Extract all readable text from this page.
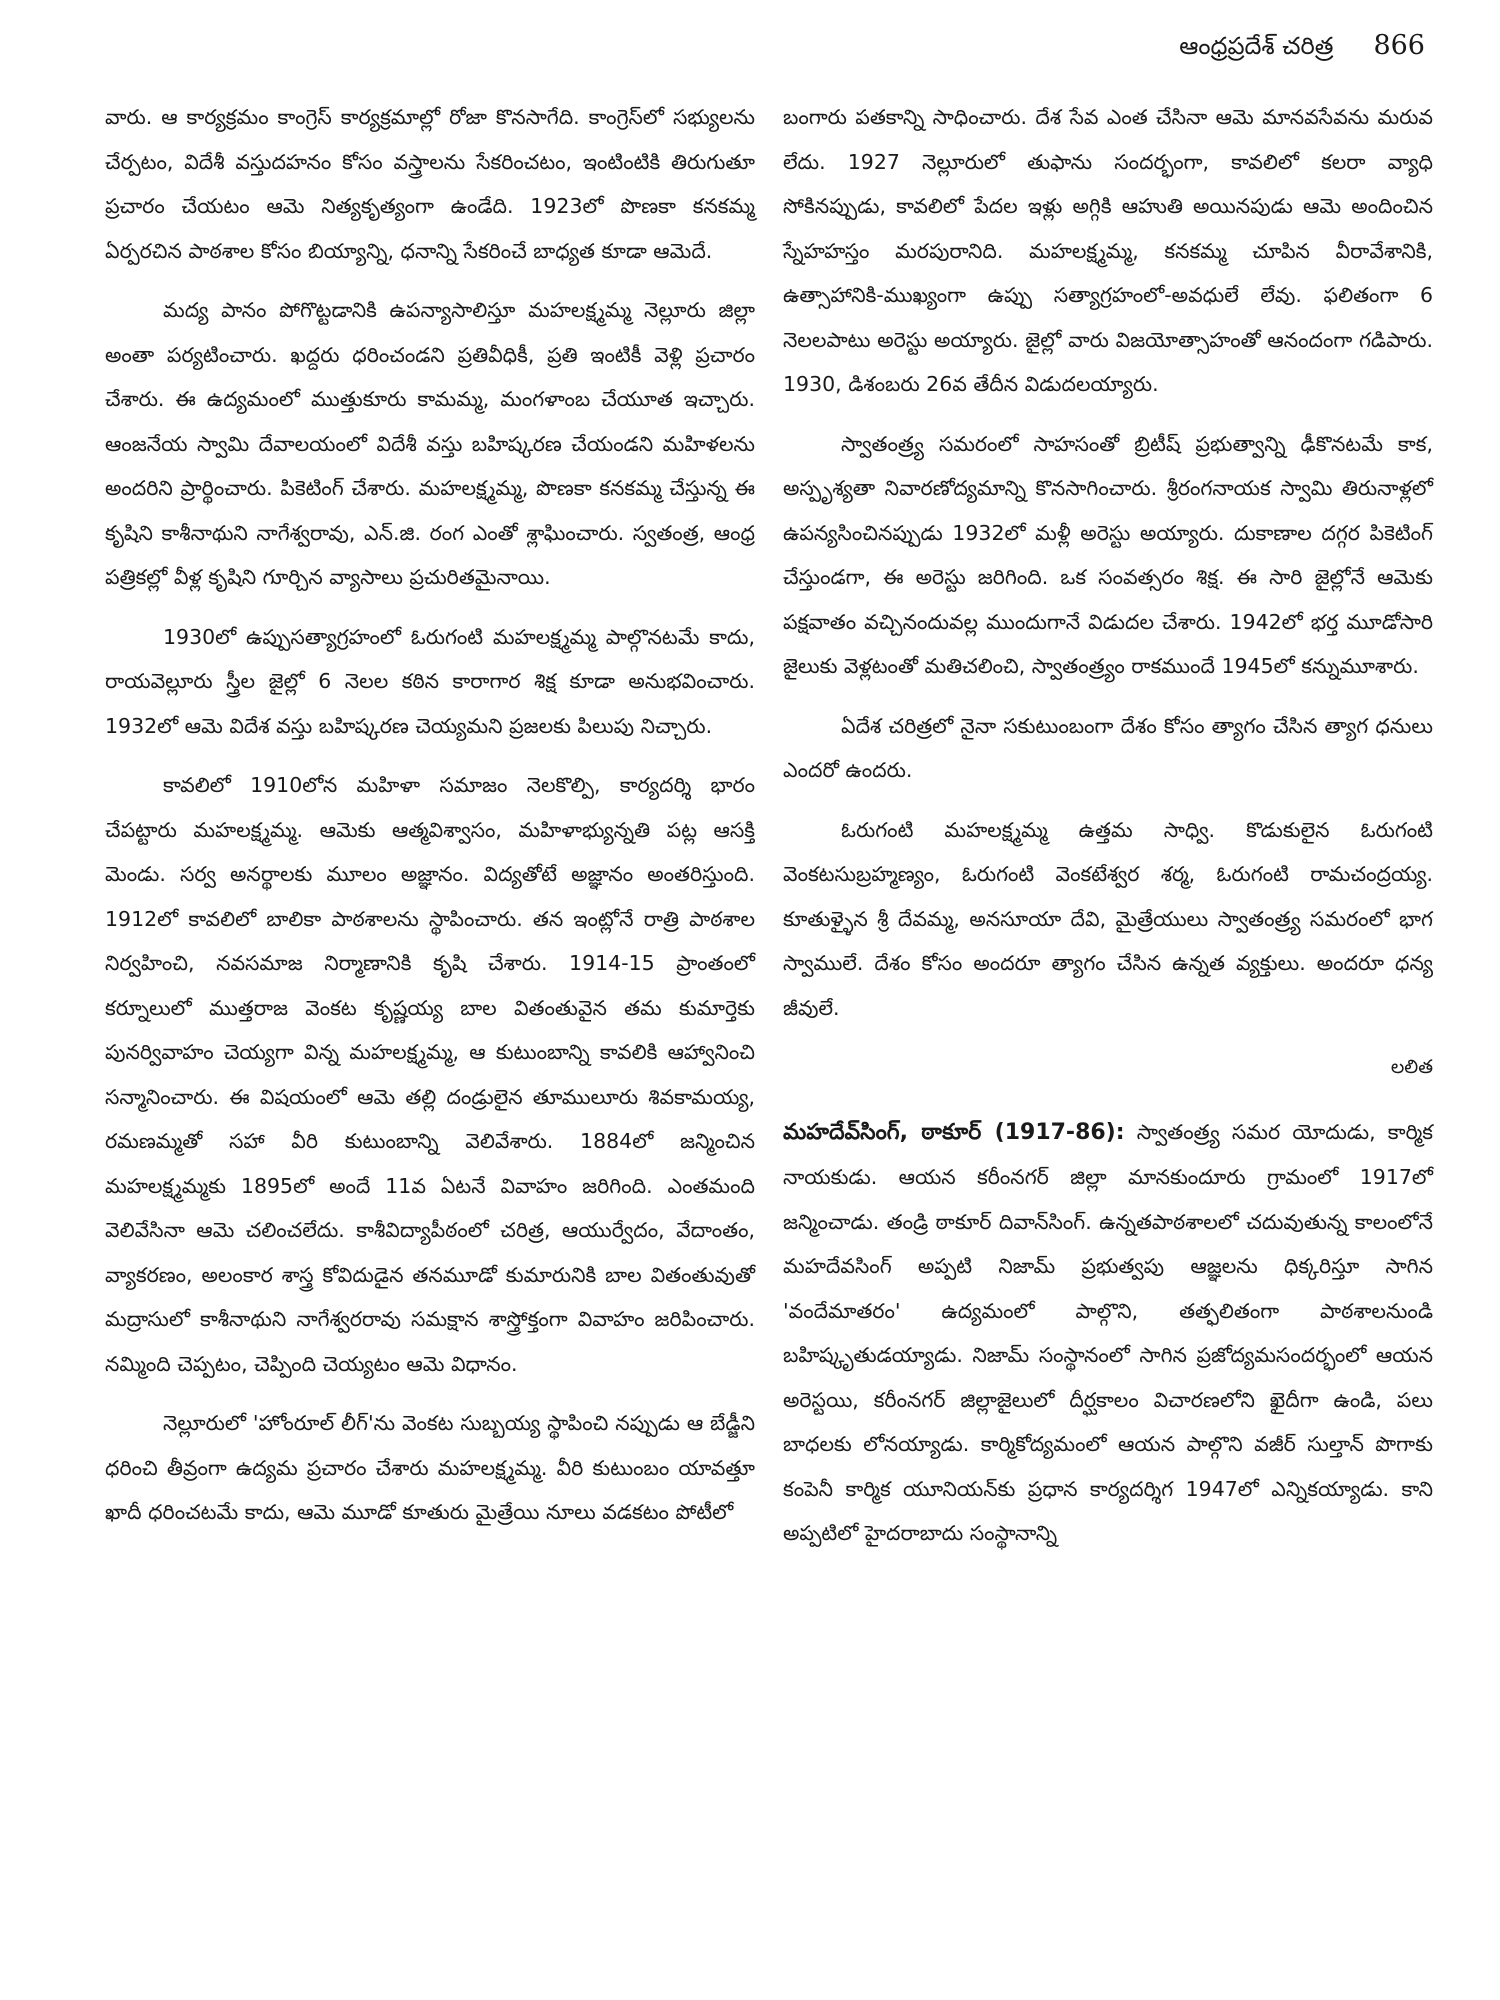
ఆంధ్రప్రదేశ్ చరిత్ర 866

వారు. ఆ కార్యక్రమం కాంగ్రెస్ కార్యక్రమాల్లో రోజా కొనసాగేది. కాంగ్రెస్‌లో సభ్యులను చేర్పటం, విదేశీ వస్తుదహనం కోసం వస్త్రాలను సేకరించటం, ఇంటింటికి తిరుగుతూ ప్రచారం చేయటం ఆమె నిత్యకృత్యంగా ఉండేది. 1923లో పొణకా కనకమ్మ ఏర్పరచిన పాఠశాల కోసం బియ్యాన్ని, ధనాన్ని సేకరించే బాధ్యత కూడా ఆమెదే.

మద్య పానం పోగొట్టడానికి ఉపన్యాసాలిస్తూ మహలక్ష్మమ్మ నెల్లూరు జిల్లా అంతా పర్యటించారు. ఖద్దరు ధరించండని ప్రతివీధికీ, ప్రతి ఇంటికీ వెళ్లి ప్రచారం చేశారు. ఈ ఉద్యమంలో ముత్తుకూరు కామమ్మ, మంగళాంబ చేయూత ఇచ్చారు. ఆంజనేయ స్వామి దేవాలయంలో విదేశీ వస్తు బహిష్కరణ చేయండని మహిళలను అందరిని ప్రార్థించారు. పికెటింగ్ చేశారు. మహలక్ష్మమ్మ, పొణకా కనకమ్మ చేస్తున్న ఈ కృషిని కాశీనాథుని నాగేశ్వరావు, ఎన్.జి. రంగ ఎంతో శ్లాఘించారు. స్వతంత్ర, ఆంధ్ర పత్రికల్లో వీళ్ల కృషిని గూర్చిన వ్యాసాలు ప్రచురితమైనాయి.

1930లో ఉప్పుసత్యాగ్రహంలో ఓరుగంటి మహలక్ష్మమ్మ పాల్గొనటమే కాదు, రాయవెల్లూరు స్త్రీల జైల్లో 6 నెలల కఠిన కారాగార శిక్ష కూడా అనుభవించారు. 1932లో ఆమె విదేశ వస్తు బహిష్కరణ చెయ్యమని ప్రజలకు పిలుపు నిచ్చారు.

కావలిలో 1910లోన మహిళా సమాజం నెలకొల్పి, కార్యదర్శి భారం చేపట్టారు మహలక్ష్మమ్మ. ఆమెకు ఆత్మవిశ్వాసం, మహిళాభ్యున్నతి పట్ల ఆసక్తి మెండు. సర్వ అనర్థాలకు మూలం అజ్ఞానం. విద్యతోటే అజ్ఞానం అంతరిస్తుంది. 1912లో కావలిలో బాలికా పాఠశాలను స్థాపించారు. తన ఇంట్లోనే రాత్రి పాఠశాల నిర్వహించి, నవసమాజ నిర్మాణానికి కృషి చేశారు. 1914-15 ప్రాంతంలో కర్నూలులో ముత్తరాజ వెంకట కృష్ణయ్య బాల వితంతువైన తమ కుమార్తెకు పునర్వివాహం చెయ్యగా విన్న మహలక్ష్మమ్మ, ఆ కుటుంబాన్ని కావలికి ఆహ్వానించి సన్మానించారు. ఈ విషయంలో ఆమె తల్లి దండ్రులైన తూములూరు శివకామయ్య, రమణమ్మతో సహా వీరి కుటుంబాన్ని వెలివేశారు. 1884లో జన్మించిన మహలక్ష్మమ్మకు 1895లో అందే 11వ ఏటనే వివాహం జరిగింది. ఎంతమంది వెలివేసినా ఆమె చలించలేదు. కాశీవిద్యాపీఠంలో చరిత్ర, ఆయుర్వేదం, వేదాంతం, వ్యాకరణం, అలంకార శాస్త్ర కోవిదుడైన తనమూడో కుమారునికి బాల వితంతువుతో మద్రాసులో కాశీనాథుని నాగేశ్వరరావు సమక్షాన శాస్త్రోక్తంగా వివాహం జరిపించారు. నమ్మింది చెప్పటం, చెప్పింది చెయ్యటం ఆమె విధానం.

నెల్లూరులో 'హోంరూల్ లీగ్'ను వెంకట సుబ్బయ్య స్థాపించి నప్పుడు ఆ బేడ్జీని ధరించి తీవ్రంగా ఉద్యమ ప్రచారం చేశారు మహలక్ష్మమ్మ. వీరి కుటుంబం యావత్తూ ఖాదీ ధరించటమే కాదు, ఆమె మూడో కూతురు మైత్రేయి నూలు వడకటం పోటీలో

బంగారు పతకాన్ని సాధించారు. దేశ సేవ ఎంత చేసినా ఆమె మానవసేవను మరువ లేదు. 1927 నెల్లూరులో తుఫాను సందర్భంగా, కావలిలో కలరా వ్యాధి సోకినప్పుడు, కావలిలో పేదల ఇళ్లు అగ్గికి ఆహుతి అయినపుడు ఆమె అందించిన స్నేహహస్తం మరపురానిది. మహలక్ష్మమ్మ, కనకమ్మ చూపిన వీరావేశానికి, ఉత్సాహానికి-ముఖ్యంగా ఉప్పు సత్యాగ్రహంలో-అవధులే లేవు. ఫలితంగా 6 నెలలపాటు అరెస్టు అయ్యారు. జైల్లో వారు విజయోత్సాహంతో ఆనందంగా గడిపారు. 1930, డిశంబరు 26వ తేదీన విడుదలయ్యారు.

స్వాతంత్ర్య సమరంలో సాహసంతో బ్రిటీష్ ప్రభుత్వాన్ని ఢీకొనటమే కాక, అస్పృశ్యతా నివారణోద్యమాన్ని కొనసాగించారు. శ్రీరంగనాయక స్వామి తిరునాళ్లలో ఉపన్యసించినప్పుడు 1932లో మళ్లీ అరెస్టు అయ్యారు. దుకాణాల దగ్గర పికెటింగ్ చేస్తుండగా, ఈ అరెస్టు జరిగింది. ఒక సంవత్సరం శిక్ష. ఈ సారి జైల్లోనే ఆమెకు పక్షవాతం వచ్చినందువల్ల ముందుగానే విడుదల చేశారు. 1942లో భర్త మూడోసారి జైలుకు వెళ్లటంతో మతిచలించి, స్వాతంత్ర్యం రాకముందే 1945లో కన్నుమూశారు.

ఏదేశ చరిత్రలో నైనా సకుటుంబంగా దేశం కోసం త్యాగం చేసిన త్యాగ ధనులు ఎందరో ఉందరు.

ఓరుగంటి మహలక్ష్మమ్మ ఉత్తమ సాధ్వి. కొడుకులైన ఓరుగంటి వెంకటసుబ్రహ్మణ్యం, ఓరుగంటి వెంకటేశ్వర శర్మ, ఓరుగంటి రామచంద్రయ్య. కూతుళ్ళైన శ్రీ దేవమ్మ, అనసూయా దేవి, మైత్రేయులు స్వాతంత్ర్య సమరంలో భాగ స్వాములే. దేశం కోసం అందరూ త్యాగం చేసిన ఉన్నత వ్యక్తులు. అందరూ ధన్య జీవులే.

లలిత

మహదేవ్‌సింగ్, ఠాకూర్ (1917-86): స్వాతంత్ర్య సమర యోదుడు, కార్మిక నాయకుడు. ఆయన కరీంనగర్ జిల్లా మానకుందూరు గ్రామంలో 1917లో జన్మించాడు. తండ్రి ఠాకూర్ దివాన్‌సింగ్. ఉన్నతపాఠశాలలో చదువుతున్న కాలంలోనే మహదేవసింగ్ అప్పటి నిజామ్ ప్రభుత్వపు ఆజ్ఞలను ధిక్కరిస్తూ సాగిన 'వందేమాతరం' ఉద్యమంలో పాల్గొని, తత్ఫలితంగా పాఠశాలనుండి బహిష్కృతుడయ్యాడు. నిజామ్ సంస్థానంలో సాగిన ప్రజోద్యమసందర్భంలో ఆయన అరెస్టయి, కరీంనగర్ జిల్లాజైలులో దీర్ఘకాలం విచారణలోని ఖైదీగా ఉండి, పలు బాధలకు లోనయ్యాడు. కార్మికోద్యమంలో ఆయన పాల్గొని వజీర్ సుల్తాన్ పొగాకు కంపెనీ కార్మిక యూనియన్‌కు ప్రధాన కార్యదర్శిగ 1947లో ఎన్నికయ్యాడు. కాని అప్పటిలో హైదరాబాదు సంస్థానాన్ని
